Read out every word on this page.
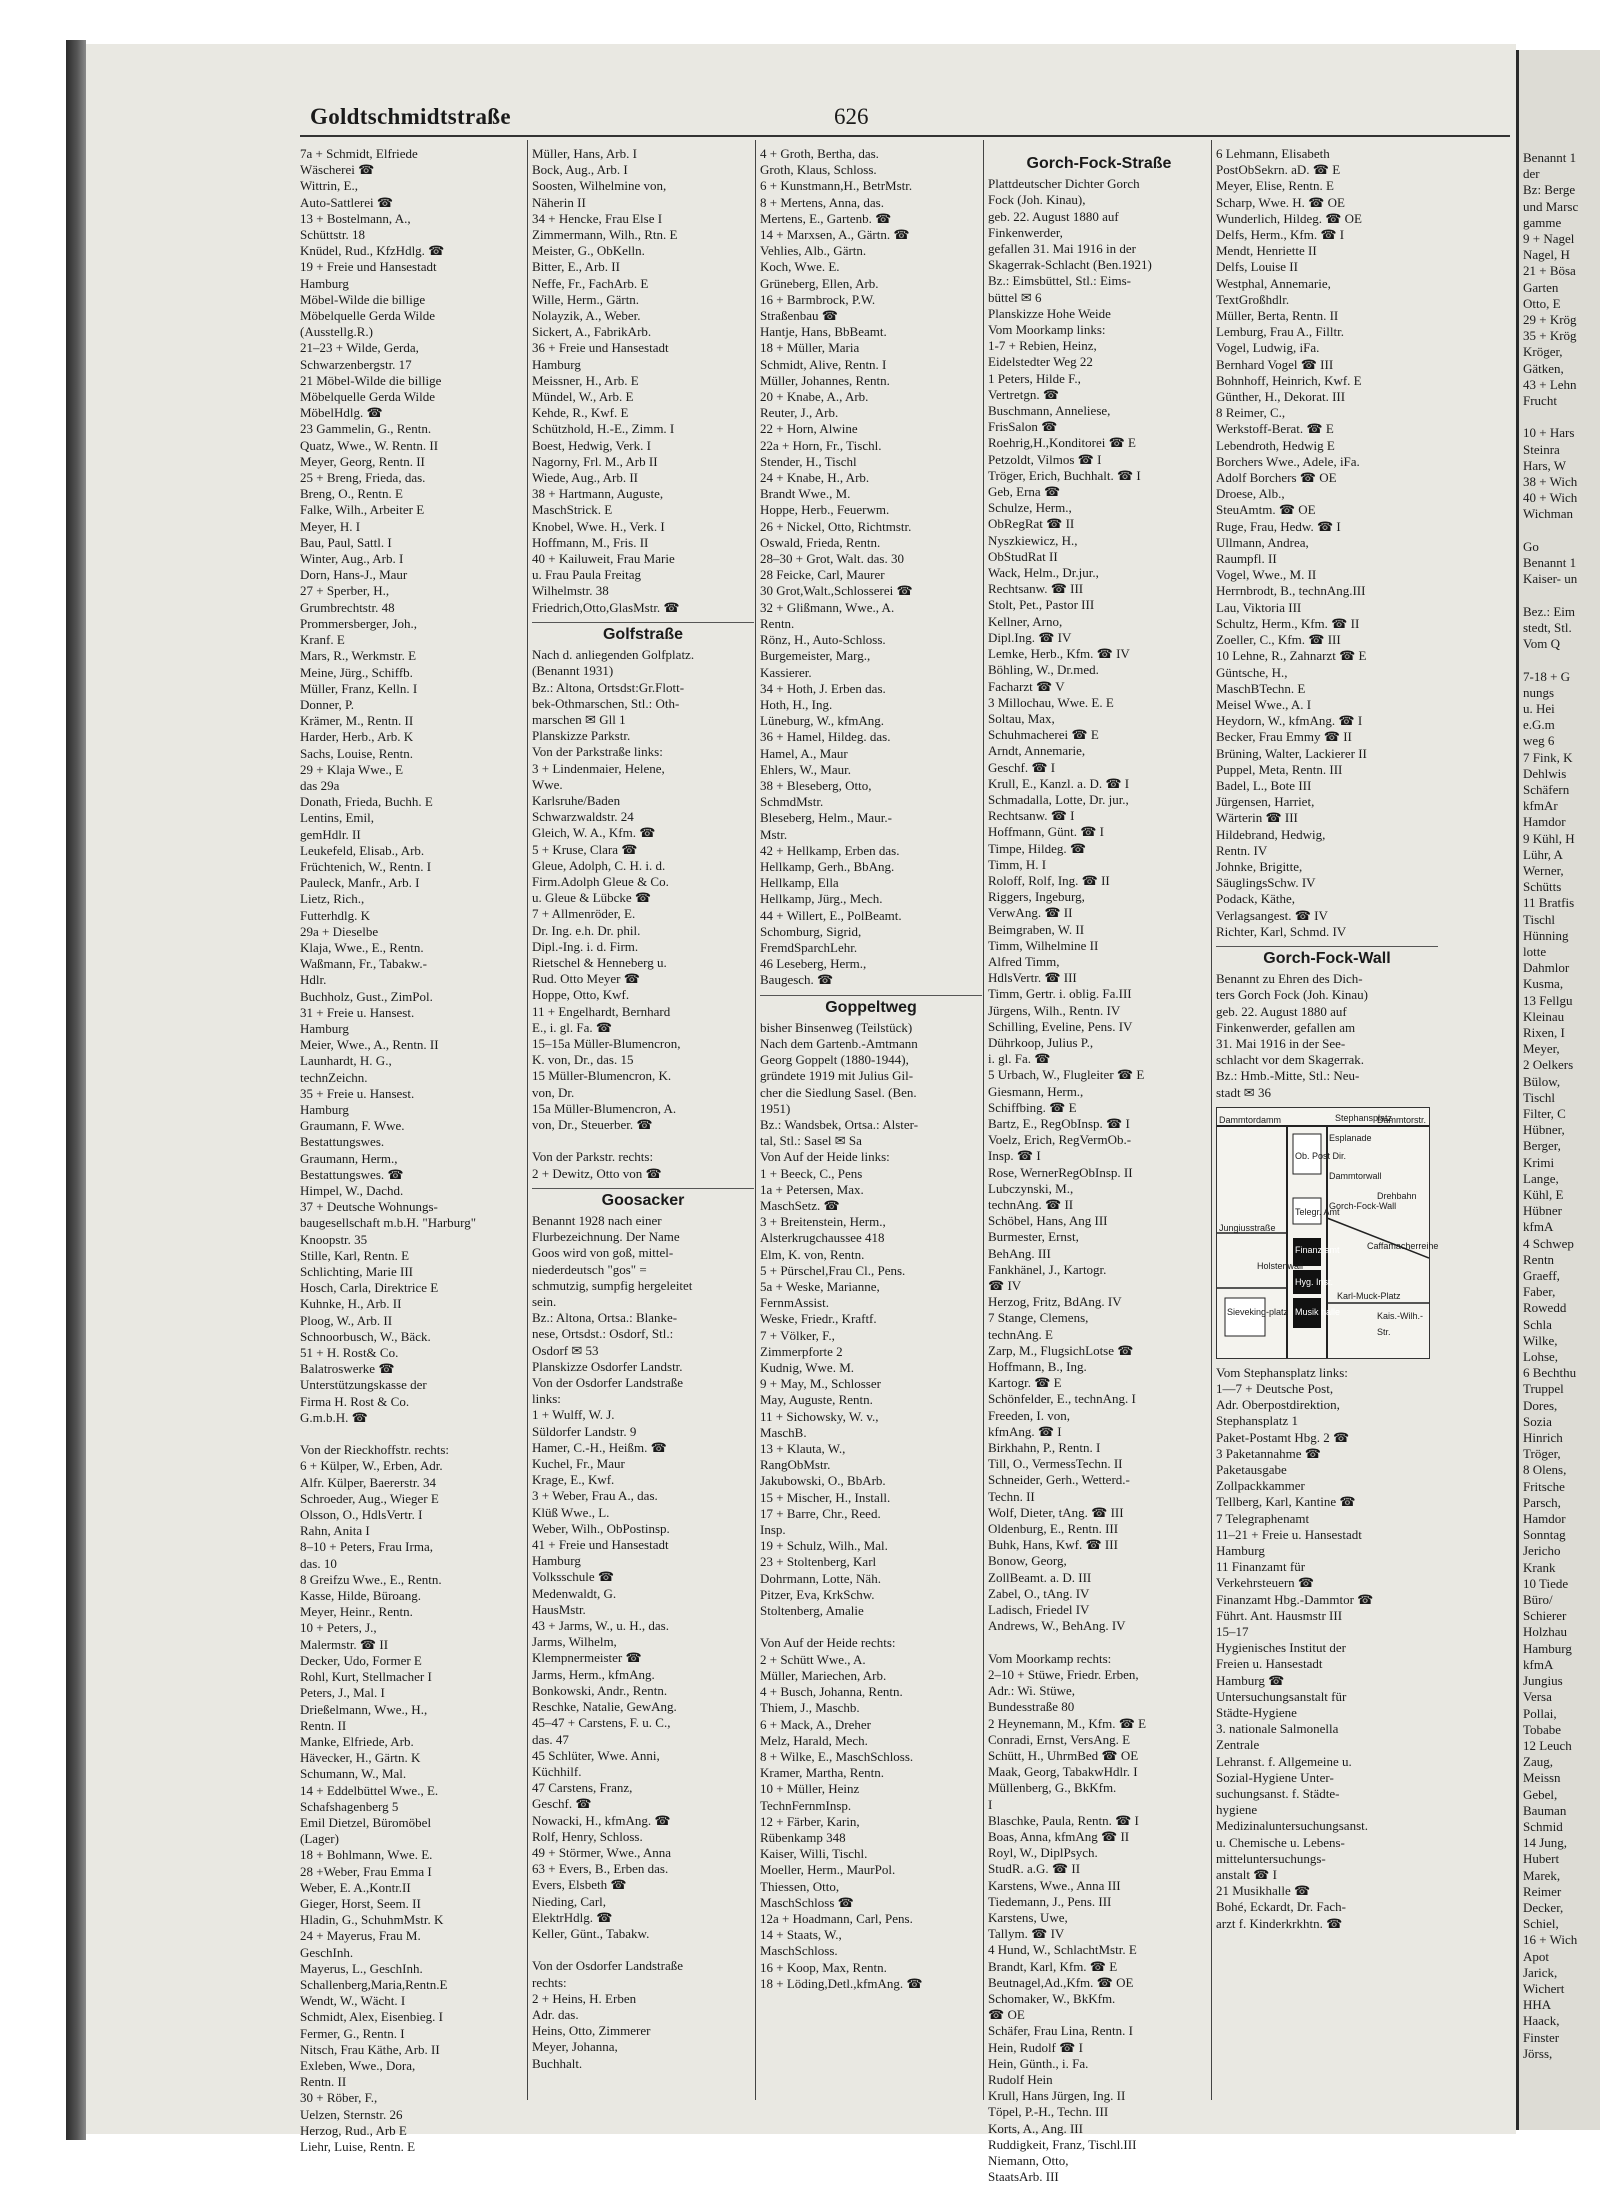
Benannt 1

der

Bz: Berge

und Marsc

gamme

9 + Nagel

Nagel, H

21 + Bösa

Garten

Otto, E

29 + Krög

35 + Krög

Kröger,

Gätken,

43 + Lehn

Frucht

10 + Hars

Steinra

Hars, W

38 + Wich

40 + Wich

Wichman

Go

Benannt 1

Kaiser- un

Bez.: Eim

stedt, Stl.

Vom Q

7-18 + G

nungs

u. Hei

e.G.m

weg 6

7 Fink, K

Dehlwis

Schäfern

kfmAr

Hamdor

9 Kühl, H

Lühr, A

Werner,

Schütts

11 Bratfis

Tischl

Hünning

lotte

Dahmlor

Kusma,

13 Fellgu

Kleinau

Rixen, I

Meyer,

2 Oelkers

Bülow,

Tischl

Filter, C

Hübner,

Berger,

Krimi

Lange,

Kühl, E

Hübner

kfmA

4 Schwep

Rentn

Graeff,

Faber,

Rowedd

Schla

Wilke,

Lohse,

6 Bechthu

Truppel

Dores,

Sozia

Hinrich

Tröger,

8 Olens,

Fritsche

Parsch,

Hamdor

Sonntag

Jericho

Krank

10 Tiede

Büro/

Schierer

Holzhau

Hamburg

kfmA

Jungius

Versa

Pollai,

Tobabe

12 Leuch

Zaug,

Meissn

Gebel,

Bauman

Schmid

14 Jung,

Hubert

Marek,

Reimer

Decker,

Schiel,

16 + Wich

Apot

Jarick,

Wichert

HHA

Haack,

Finster

Jörss,

Goldtschmidtstraße	626

7a + Schmidt, Elfriede

Wäscherei ☎

Wittrin, E.,

Auto-Sattlerei ☎

13 + Bostelmann, A.,

Schüttstr. 18

Knüdel, Rud., KfzHdlg. ☎

19 + Freie und Hansestadt

Hamburg

Möbel-Wilde die billige

Möbelquelle Gerda Wilde

(Ausstellg.R.)

21–23 + Wilde, Gerda,

Schwarzenbergstr. 17

21 Möbel-Wilde die billige

Möbelquelle Gerda Wilde

MöbelHdlg. ☎

23 Gammelin, G., Rentn.

Quatz, Wwe., W. Rentn. II

Meyer, Georg, Rentn. II

25 + Breng, Frieda, das.

Breng, O., Rentn. E

Falke, Wilh., Arbeiter E

Meyer, H. I

Bau, Paul, Sattl. I

Winter, Aug., Arb. I

Dorn, Hans-J., Maur

27 + Sperber, H.,

Grumbrechtstr. 48

Prommersberger, Joh.,

Kranf. E

Mars, R., Werkmstr. E

Meine, Jürg., Schiffb.

Müller, Franz, Kelln. I

Donner, P.

Krämer, M., Rentn. II

Harder, Herb., Arb. K

Sachs, Louise, Rentn.

29 + Klaja Wwe., E

das 29a

Donath, Frieda, Buchh. E

Lentins, Emil,

gemHdlr. II

Leukefeld, Elisab., Arb.

Früchtenich, W., Rentn. I

Pauleck, Manfr., Arb. I

Lietz, Rich.,

Futterhdlg. K

29a + Dieselbe

Klaja, Wwe., E., Rentn.

Waßmann, Fr., Tabakw.-

Hdlr.

Buchholz, Gust., ZimPol.

31 + Freie u. Hansest.

Hamburg

Meier, Wwe., A., Rentn. II

Launhardt, H. G.,

technZeichn.

35 + Freie u. Hansest.

Hamburg

Graumann, F. Wwe.

Bestattungswes.

Graumann, Herm.,

Bestattungswes. ☎

Himpel, W., Dachd.

37 + Deutsche Wohnungs-

baugesellschaft m.b.H. "Harburg"

Knoopstr. 35

Stille, Karl, Rentn. E

Schlichting, Marie III

Hosch, Carla, Direktrice E

Kuhnke, H., Arb. II

Ploog, W., Arb. II

Schnoorbusch, W., Bäck.

51 + H. Rost& Co.

Balatroswerke ☎

Unterstützungskasse der

Firma H. Rost & Co.

G.m.b.H. ☎

Von der Rieckhoffstr. rechts:

6 + Külper, W., Erben, Adr.

Alfr. Külper, Baererstr. 34

Schroeder, Aug., Wieger E

Olsson, O., HdlsVertr. I

Rahn, Anita I

8–10 + Peters, Frau Irma,

das. 10

8 Greifzu Wwe., E., Rentn.

Kasse, Hilde, Büroang.

Meyer, Heinr., Rentn.

10 + Peters, J.,

Malermstr. ☎ II

Decker, Udo, Former E

Rohl, Kurt, Stellmacher I

Peters, J., Mal. I

Drießelmann, Wwe., H.,

Rentn. II

Manke, Elfriede, Arb.

Hävecker, H., Gärtn. K

Schumann, W., Mal.

14 + Eddelbüttel Wwe., E.

Schafshagenberg 5

Emil Dietzel, Büromöbel

(Lager)

18 + Bohlmann, Wwe. E.

28 +Weber, Frau Emma I

Weber, E. A.,Kontr.II

Gieger, Horst, Seem. II

Hladin, G., SchuhmMstr. K

24 + Mayerus, Frau M.

GeschInh.

Mayerus, L., GeschInh.

Schallenberg,Maria,Rentn.E

Wendt, W., Wächt. I

Schmidt, Alex, Eisenbieg. I

Fermer, G., Rentn. I

Nitsch, Frau Käthe, Arb. II

Exleben, Wwe., Dora,

Rentn. II

30 + Röber, F.,

Uelzen, Sternstr. 26

Herzog, Rud., Arb E

Liehr, Luise, Rentn. E

Müller, Hans, Arb. I

Bock, Aug., Arb. I

Soosten, Wilhelmine von,

Näherin II

34 + Hencke, Frau Else I

Zimmermann, Wilh., Rtn. E

Meister, G., ObKelln.

Bitter, E., Arb. II

Neffe, Fr., FachArb. E

Wille, Herm., Gärtn.

Nolayzik, A., Weber.

Sickert, A., FabrikArb.

36 + Freie und Hansestadt

Hamburg

Meissner, H., Arb. E

Mündel, W., Arb. E

Kehde, R., Kwf. E

Schützhold, H.-E., Zimm. I

Boest, Hedwig, Verk. I

Nagorny, Frl. M., Arb II

Wiede, Aug., Arb. II

38 + Hartmann, Auguste,

MaschStrick. E

Knobel, Wwe. H., Verk. I

Hoffmann, M., Fris. II

40 + Kailuweit, Frau Marie

u. Frau Paula Freitag

Wilhelmstr. 38

Friedrich,Otto,GlasMstr. ☎

Golfstraße

Nach d. anliegenden Golfplatz.

(Benannt 1931)

Bz.: Altona, Ortsdst:Gr.Flott-

bek-Othmarschen, Stl.: Oth-

marschen ✉ Gll 1

Planskizze Parkstr.

Von der Parkstraße links:

3 + Lindenmaier, Helene,

Wwe.

Karlsruhe/Baden

Schwarzwaldstr. 24

Gleich, W. A., Kfm. ☎

5 + Kruse, Clara ☎

Gleue, Adolph, C. H. i. d.

Firm.Adolph Gleue & Co.

u. Gleue & Lübcke ☎

7 + Allmenröder, E.

Dr. Ing. e.h. Dr. phil.

Dipl.-Ing. i. d. Firm.

Rietschel & Henneberg u.

Rud. Otto Meyer ☎

Hoppe, Otto, Kwf.

11 + Engelhardt, Bernhard

E., i. gl. Fa. ☎

15–15a Müller-Blumencron,

K. von, Dr., das. 15

15 Müller-Blumencron, K.

von, Dr.

15a Müller-Blumencron, A.

von, Dr., Steuerber. ☎

Von der Parkstr. rechts:

2 + Dewitz, Otto von ☎

Goosacker

Benannt 1928 nach einer

Flurbezeichnung. Der Name

Goos wird von goß, mittel-

niederdeutsch "gos" =

schmutzig, sumpfig hergeleitet

sein.

Bz.: Altona, Ortsa.: Blanke-

nese, Ortsdst.: Osdorf, Stl.:

Osdorf ✉ 53

Planskizze Osdorfer Landstr.

Von der Osdorfer Landstraße

links:

1 + Wulff, W. J.

Süldorfer Landstr. 9

Hamer, C.-H., Heißm. ☎

Kuchel, Fr., Maur

Krage, E., Kwf.

3 + Weber, Frau A., das.

Klüß Wwe., L.

Weber, Wilh., ObPostinsp.

41 + Freie und Hansestadt

Hamburg

Volksschule ☎

Medenwaldt, G.

HausMstr.

43 + Jarms, W., u. H., das.

Jarms, Wilhelm,

Klempnermeister ☎

Jarms, Herm., kfmAng.

Bonkowski, Andr., Rentn.

Reschke, Natalie, GewAng.

45–47 + Carstens, F. u. C.,

das. 47

45 Schlüter, Wwe. Anni,

Küchhilf.

47 Carstens, Franz,

Geschf. ☎

Nowacki, H., kfmAng. ☎

Rolf, Henry, Schloss.

49 + Störmer, Wwe., Anna

63 + Evers, B., Erben das.

Evers, Elsbeth ☎

Nieding, Carl,

ElektrHdlg. ☎

Keller, Günt., Tabakw.

Von der Osdorfer Landstraße

rechts:

2 + Heins, H. Erben

Adr. das.

Heins, Otto, Zimmerer

Meyer, Johanna,

Buchhalt.

4 + Groth, Bertha, das.

Groth, Klaus, Schloss.

6 + Kunstmann,H., BetrMstr.

8 + Mertens, Anna, das.

Mertens, E., Gartenb. ☎

14 + Marxsen, A., Gärtn. ☎

Vehlies, Alb., Gärtn.

Koch, Wwe. E.

Grüneberg, Ellen, Arb.

16 + Barmbrock, P.W.

Straßenbau ☎

Hantje, Hans, BbBeamt.

18 + Müller, Maria

Schmidt, Alive, Rentn. I

Müller, Johannes, Rentn.

20 + Knabe, A., Arb.

Reuter, J., Arb.

22 + Horn, Alwine

22a + Horn, Fr., Tischl.

Stender, H., Tischl

24 + Knabe, H., Arb.

Brandt Wwe., M.

Hoppe, Herb., Feuerwm.

26 + Nickel, Otto, Richtmstr.

Oswald, Frieda, Rentn.

28–30 + Grot, Walt. das. 30

28 Feicke, Carl, Maurer

30 Grot,Walt.,Schlosserei ☎

32 + Glißmann, Wwe., A.

Rentn.

Rönz, H., Auto-Schloss.

Burgemeister, Marg.,

Kassierer.

34 + Hoth, J. Erben das.

Hoth, H., Ing.

Lüneburg, W., kfmAng.

36 + Hamel, Hildeg. das.

Hamel, A., Maur

Ehlers, W., Maur.

38 + Bleseberg, Otto,

SchmdMstr.

Bleseberg, Helm., Maur.-

Mstr.

42 + Hellkamp, Erben das.

Hellkamp, Gerh., BbAng.

Hellkamp, Ella

Hellkamp, Jürg., Mech.

44 + Willert, E., PolBeamt.

Schomburg, Sigrid,

FremdSparchLehr.

46 Leseberg, Herm.,

Baugesch. ☎

Goppeltweg

bisher Binsenweg (Teilstück)

Nach dem Gartenb.-Amtmann

Georg Goppelt (1880-1944),

gründete 1919 mit Julius Gil-

cher die Siedlung Sasel. (Ben.

1951)

Bz.: Wandsbek, Ortsa.: Alster-

tal, Stl.: Sasel ✉ Sa

Von Auf der Heide links:

1 + Beeck, C., Pens

1a + Petersen, Max.

MaschSetz. ☎

3 + Breitenstein, Herm.,

Alsterkrugchaussee 418

Elm, K. von, Rentn.

5 + Pürschel,Frau Cl., Pens.

5a + Weske, Marianne,

FernmAssist.

Weske, Friedr., Kraftf.

7 + Völker, F.,

Zimmerpforte 2

Kudnig, Wwe. M.

9 + May, M., Schlosser

May, Auguste, Rentn.

11 + Sichowsky, W. v.,

MaschB.

13 + Klauta, W.,

RangObMstr.

Jakubowski, O., BbArb.

15 + Mischer, H., Install.

17 + Barre, Chr., Reed.

Insp.

19 + Schulz, Wilh., Mal.

23 + Stoltenberg, Karl

Dohrmann, Lotte, Näh.

Pitzer, Eva, KrkSchw.

Stoltenberg, Amalie

Von Auf der Heide rechts:

2 + Schütt Wwe., A.

Müller, Mariechen, Arb.

4 + Busch, Johanna, Rentn.

Thiem, J., Maschb.

6 + Mack, A., Dreher

Melz, Harald, Mech.

8 + Wilke, E., MaschSchloss.

Kramer, Martha, Rentn.

10 + Müller, Heinz

TechnFernmInsp.

12 + Färber, Karin,

Rübenkamp 348

Kaiser, Willi, Tischl.

Moeller, Herm., MaurPol.

Thiessen, Otto,

MaschSchloss ☎

12a + Hoadmann, Carl, Pens.

14 + Staats, W.,

MaschSchloss.

16 + Koop, Max, Rentn.

18 + Löding,Detl.,kfmAng. ☎

Gorch-Fock-Straße

Plattdeutscher Dichter Gorch

Fock (Joh. Kinau),

geb. 22. August 1880 auf

Finkenwerder,

gefallen 31. Mai 1916 in der

Skagerrak-Schlacht (Ben.1921)

Bz.: Eimsbüttel, Stl.: Eims-

büttel ✉ 6

Planskizze Hohe Weide

Vom Moorkamp links:

1-7 + Rebien, Heinz,

Eidelstedter Weg 22

1 Peters, Hilde F.,

Vertretgn. ☎

Buschmann, Anneliese,

FrisSalon ☎

Roehrig,H.,Konditorei ☎ E

Petzoldt, Vilmos ☎ I

Tröger, Erich, Buchhalt. ☎ I

Geb, Erna ☎

Schulze, Herm.,

ObRegRat ☎ II

Nyszkiewicz, H.,

ObStudRat II

Wack, Helm., Dr.jur.,

Rechtsanw. ☎ III

Stolt, Pet., Pastor III

Kellner, Arno,

Dipl.Ing. ☎ IV

Lemke, Herb., Kfm. ☎ IV

Böhling, W., Dr.med.

Facharzt ☎ V

3 Millochau, Wwe. E. E

Soltau, Max,

Schuhmacherei ☎ E

Arndt, Annemarie,

Geschf. ☎ I

Krull, E., Kanzl. a. D. ☎ I

Schmadalla, Lotte, Dr. jur.,

Rechtsanw. ☎ I

Hoffmann, Günt. ☎ I

Timpe, Hildeg. ☎

Timm, H. I

Roloff, Rolf, Ing. ☎ II

Riggers, Ingeburg,

VerwAng. ☎ II

Beimgraben, W. II

Timm, Wilhelmine II

Alfred Timm,

HdlsVertr. ☎ III

Timm, Gertr. i. oblig. Fa.III

Jürgens, Wilh., Rentn. IV

Schilling, Eveline, Pens. IV

Dührkoop, Julius P.,

i. gl. Fa. ☎

5 Urbach, W., Flugleiter ☎ E

Giesmann, Herm.,

Schiffbing. ☎ E

Bartz, E., RegObInsp. ☎ I

Voelz, Erich, RegVermOb.-

Insp. ☎ I

Rose, WernerRegObInsp. II

Lubczynski, M.,

technAng. ☎ II

Schöbel, Hans, Ang III

Burmester, Ernst,

BehAng. III

Fankhänel, J., Kartogr.

☎ IV

Herzog, Fritz, BdAng. IV

7 Stange, Clemens,

technAng. E

Zarp, M., FlugsichLotse ☎

Hoffmann, B., Ing.

Kartogr. ☎ E

Schönfelder, E., technAng. I

Freeden, I. von,

kfmAng. ☎ I

Birkhahn, P., Rentn. I

Till, O., VermessTechn. II

Schneider, Gerh., Wetterd.-

Techn. II

Wolf, Dieter, tAng. ☎ III

Oldenburg, E., Rentn. III

Buhk, Hans, Kwf. ☎ III

Bonow, Georg,

ZollBeamt. a. D. III

Zabel, O., tAng. IV

Ladisch, Friedel IV

Andrews, W., BehAng. IV

Vom Moorkamp rechts:

2–10 + Stüwe, Friedr. Erben,

Adr.: Wi. Stüwe,

Bundesstraße 80

2 Heynemann, M., Kfm. ☎ E

Conradi, Ernst, VersAng. E

Schütt, H., UhrmBed ☎ OE

Maak, Georg, TabakwHdlr. I

Müllenberg, G., BkKfm.

I

Blaschke, Paula, Rentn. ☎ I

Boas, Anna, kfmAng ☎ II

Royl, W., DiplPsych.

StudR. a.G. ☎ II

Karstens, Wwe., Anna III

Tiedemann, J., Pens. III

Karstens, Uwe,

Tallym. ☎ IV

4 Hund, W., SchlachtMstr. E

Brandt, Karl, Kfm. ☎ E

Beutnagel,Ad.,Kfm. ☎ OE

Schomaker, W., BkKfm.

☎ OE

Schäfer, Frau Lina, Rentn. I

Hein, Rudolf ☎ I

Hein, Günth., i. Fa.

Rudolf Hein

Krull, Hans Jürgen, Ing. II

Töpel, P.-H., Techn. III

Korts, A., Ang. III

Ruddigkeit, Franz, Tischl.III

Niemann, Otto,

StaatsArb. III

6 Lehmann, Elisabeth

PostObSekrn. aD. ☎ E

Meyer, Elise, Rentn. E

Scharp, Wwe. H. ☎ OE

Wunderlich, Hildeg. ☎ OE

Delfs, Herm., Kfm. ☎ I

Mendt, Henriette II

Delfs, Louise II

Westphal, Annemarie,

TextGroßhdlr.

Müller, Berta, Rentn. II

Lemburg, Frau A., Filltr.

Vogel, Ludwig, iFa.

Bernhard Vogel ☎ III

Bohnhoff, Heinrich, Kwf. E

Günther, H., Dekorat. III

8 Reimer, C.,

Werkstoff-Berat. ☎ E

Lebendroth, Hedwig E

Borchers Wwe., Adele, iFa.

Adolf Borchers ☎ OE

Droese, Alb.,

SteuAmtm. ☎ OE

Ruge, Frau, Hedw. ☎ I

Ullmann, Andrea,

Raumpfl. II

Vogel, Wwe., M. II

Herrnbrodt, B., technAng.III

Lau, Viktoria III

Schultz, Herm., Kfm. ☎ II

Zoeller, C., Kfm. ☎ III

10 Lehne, R., Zahnarzt ☎ E

Güntsche, H.,

MaschBTechn. E

Meisel Wwe., A. I

Heydorn, W., kfmAng. ☎ I

Becker, Frau Emmy ☎ II

Brüning, Walter, Lackierer II

Puppel, Meta, Rentn. III

Badel, L., Bote III

Jürgensen, Harriet,

Wärterin ☎ III

Hildebrand, Hedwig,

Rentn. IV

Johnke, Brigitte,

SäuglingsSchw. IV

Podack, Käthe,

Verlagsangest. ☎ IV

Richter, Karl, Schmd. IV

Gorch-Fock-Wall

Benannt zu Ehren des Dich-

ters Gorch Fock (Joh. Kinau)

geb. 22. August 1880 auf

Finkenwerder, gefallen am

31. Mai 1916 in der See-

schlacht vor dem Skagerrak.

Bz.: Hmb.-Mitte, Stl.: Neu-

stadt ✉ 36

Dammtordamm	Stephansplatz
Dammtorstr.
Jungiusstraße
Esplanade
Dammtorwall
Drehbahn
Caffamacherreihe
Gorch-Fock-Wall
Sieveking-platz
Karl-Muck-Platz
Kais.-Wilh.-Str.
Holstenwall
Ob. Post Dir.
Telegr. Amt
Finanz amt
Hyg. Inst.
Musik halle

Vom Stephansplatz links:

1—7 + Deutsche Post,

Adr. Oberpostdirektion,

Stephansplatz 1

Paket-Postamt Hbg. 2 ☎

3 Paketannahme ☎

Paketausgabe

Zollpackkammer

Tellberg, Karl, Kantine ☎

7 Telegraphenamt

11–21 + Freie u. Hansestadt

Hamburg

11 Finanzamt für

Verkehrsteuern ☎

Finanzamt Hbg.-Dammtor ☎

Führt. Ant. Hausmstr III

15–17

Hygienisches Institut der

Freien u. Hansestadt

Hamburg ☎

Untersuchungsanstalt für

Städte-Hygiene

3. nationale Salmonella

Zentrale

Lehranst. f. Allgemeine u.

Sozial-Hygiene Unter-

suchungsanst. f. Städte-

hygiene

Medizinaluntersuchungsanst.

u. Chemische u. Lebens-

mitteluntersuchungs-

anstalt ☎ I

21 Musikhalle ☎

Bohé, Eckardt, Dr. Fach-

arzt f. Kinderkrkhtn. ☎
